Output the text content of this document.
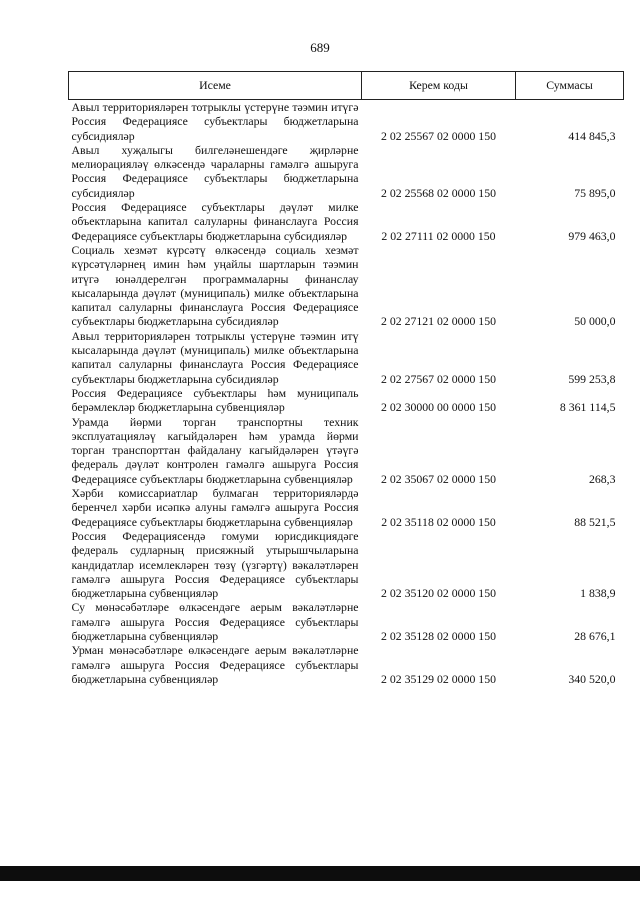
689
Исеме	Керем коды	Суммасы
Авыл территорияләрен тотрыклы үстерүне тәэмин итүгә Россия Федерациясе субъектлары бюджетларына субсидияләр	2 02 25567 02 0000 150	414 845,3
Авыл хуҗалыгы билгеләнешендәге җирләрне мелиорацияләү өлкәсендә чараларны гамәлгә ашыруга Россия Федерациясе субъектлары бюджетларына субсидияләр	2 02 25568 02 0000 150	75 895,0
Россия Федерациясе субъектлары дәүләт милке объектларына капитал салуларны финанслауга Россия Федерациясе субъектлары бюджетларына субсидияләр	2 02 27111 02 0000 150	979 463,0
Социаль хезмәт күрсәтү өлкәсендә социаль хезмәт күрсәтүләрнең имин һәм уңайлы шартларын тәэмин итүгә юнәлдерелгән программаларны финанслау кысаларында дәүләт (муниципаль) милке объектларына капитал салуларны финанслауга Россия Федерациясе субъектлары бюджетларына субсидияләр	2 02 27121 02 0000 150	50 000,0
Авыл территорияләрен тотрыклы үстерүне тәэмин итү кысаларында дәүләт (муниципаль) милке объектларына капитал салуларны финанслауга Россия Федерациясе субъектлары бюджетларына субсидияләр	2 02 27567 02 0000 150	599 253,8
Россия Федерациясе субъектлары һәм муниципаль берәмлекләр бюджетларына субвенцияләр	2 02 30000 00 0000 150	8 361 114,5
Урамда йөрми торган транспортны техник эксплуатацияләү кагыйдәләрен һәм урамда йөрми торган транспорттан файдалану кагыйдәләрен үтәүгә федераль дәүләт контролен гамәлгә ашыруга Россия Федерациясе субъектлары бюджетларына субвенцияләр	2 02 35067 02 0000 150	268,3
Хәрби комиссариатлар булмаган территорияләрдә беренчел хәрби исәпкә алуны гамәлгә ашыруга Россия Федерациясе субъектлары бюджетларына субвенцияләр	2 02 35118 02 0000 150	88 521,5
Россия Федерациясендә гомуми юрисдикциядәге федераль судларның присяжный утырышчыларына кандидатлар исемлекләрен төзү (үзгәртү) вәкаләтләрен гамәлгә ашыруга Россия Федерациясе субъектлары бюджетларына субвенцияләр	2 02 35120 02 0000 150	1 838,9
Су мөнәсәбәтләре өлкәсендәге аерым вәкаләтләрне гамәлгә ашыруга Россия Федерациясе субъектлары бюджетларына субвенцияләр	2 02 35128 02 0000 150	28 676,1
Урман мөнәсәбәтләре өлкәсендәге аерым вәкаләтләрне гамәлгә ашыруга Россия Федерациясе субъектлары бюджетларына субвенцияләр	2 02 35129 02 0000 150	340 520,0
